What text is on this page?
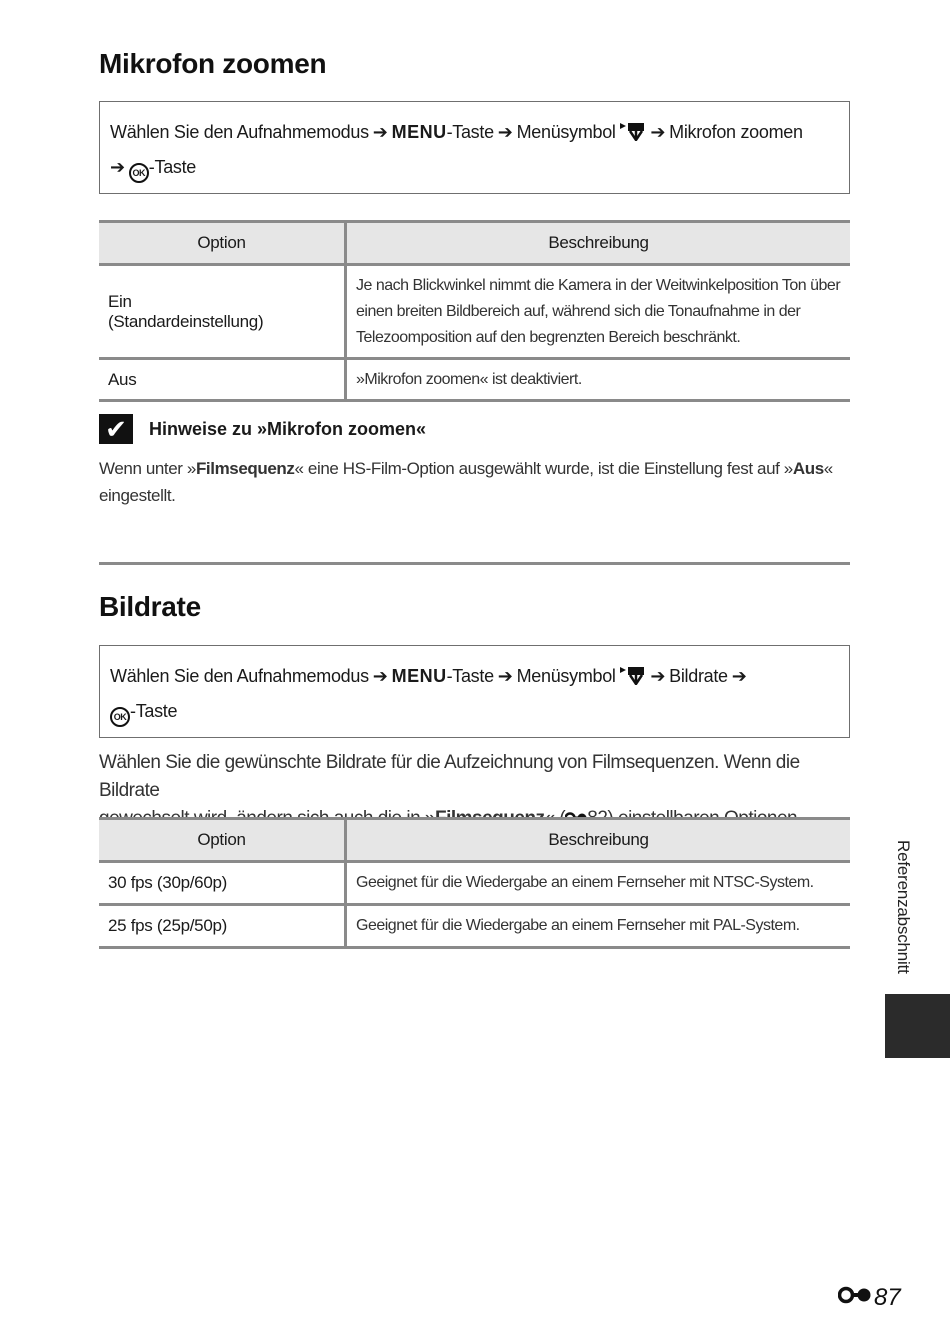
Mikrofon zoomen
Wählen Sie den Aufnahmemodus ➔ MENU-Taste ➔ Menüsymbol ➔ Mikrofon zoomen
➔ OK -Taste
Option	Beschreibung

Ein
(Standardeinstellung)	Je nach Blickwinkel nimmt die Kamera in der Weitwinkelposition Ton über einen breiten Bildbereich auf, während sich die Tonaufnahme in der Telezoomposition auf den begrenzten Bereich beschränkt.
Aus	»Mikrofon zoomen« ist deaktiviert.
✔	Hinweise zu »Mikrofon zoomen«
Wenn unter »Filmsequenz« eine HS-Film-Option ausgewählt wurde, ist die Einstellung fest auf »Aus«
eingestellt.
Bildrate
Wählen Sie den Aufnahmemodus ➔ MENU-Taste ➔ Menüsymbol ➔ Bildrate ➔
OK -Taste
Wählen Sie die gewünschte Bildrate für die Aufzeichnung von Filmsequenzen. Wenn die Bildrate

Option	Beschreibung
30 fps (30p/60p)	Geeignet für die Wiedergabe an einem Fernseher mit NTSC-System.
25 fps (25p/50p)	Geeignet für die Wiedergabe an einem Fernseher mit PAL-System.	Referenzabschnitt
87
